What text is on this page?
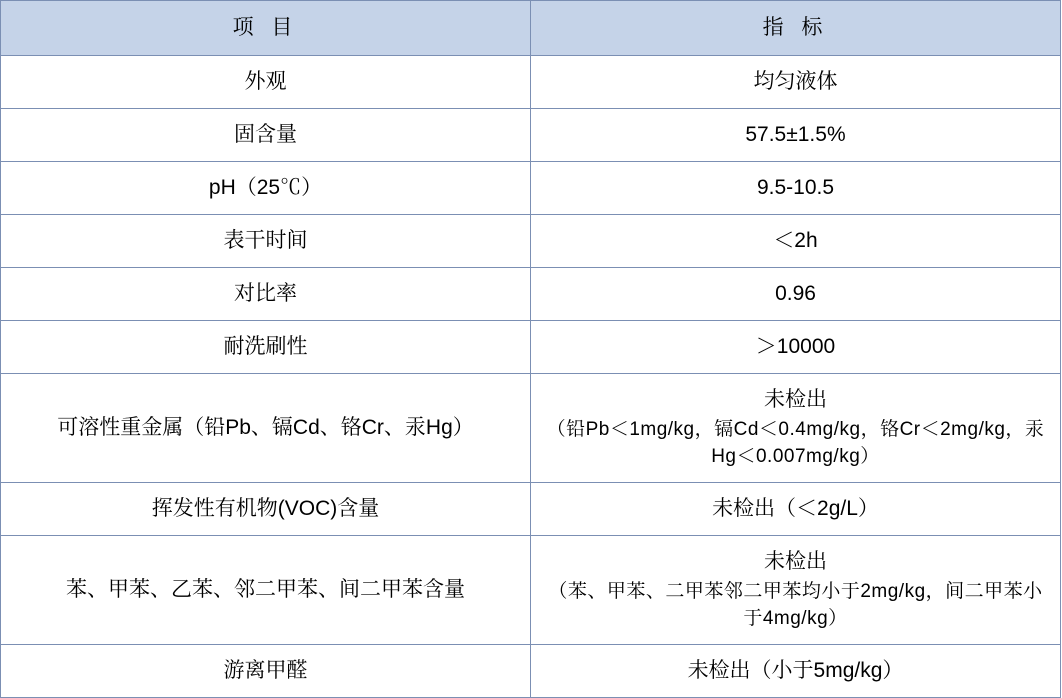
项 目	指 标
外观	均匀液体
固含量	57.5±1.5%
pH（25℃）	9.5-10.5
表干时间	＜2h
对比率	0.96
耐洗刷性	＞10000
可溶性重金属（铅Pb、镉Cd、铬Cr、汞Hg）	未检出
（铅Pb＜1mg/kg，镉Cd＜0.4mg/kg，铬Cr＜2mg/kg，汞Hg＜0.007mg/kg）

挥发性有机物(VOC)含量	未检出（＜2g/L）
苯、甲苯、乙苯、邻二甲苯、间二甲苯含量	未检出
（苯、甲苯、二甲苯邻二甲苯均小于2mg/kg，间二甲苯小于4mg/kg）

游离甲醛	未检出（小于5mg/kg）
